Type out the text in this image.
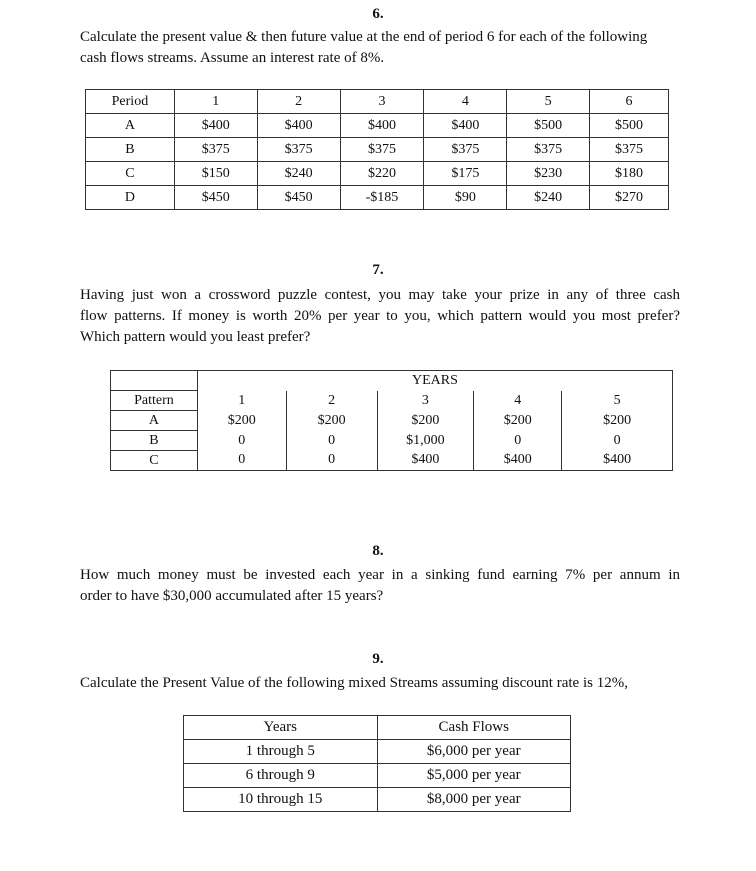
6.
Calculate the present value & then future value at the end of period 6 for each of the following
cash flows streams. Assume an interest rate of 8%.
Period	1	2	3	4	5	6
A	$400	$400	$400	$400	$500	$500
B	$375	$375	$375	$375	$375	$375
C	$150	$240	$220	$175	$230	$180
D	$450	$450	-$185	$90	$240	$270
7.
Having just won a crossword puzzle contest, you may take your prize in any of three cash
flow patterns. If money is worth 20% per year to you, which pattern would you most prefer?
Which pattern would you least prefer?
	YEARS				
Pattern	1	2	3	4	5
A	$200	$200	$200	$200	$200
B	0	0	$1,000	0	0
C	0	0	$400	$400	$400
8.
How much money must be invested each year in a sinking fund earning 7% per annum in
order to have $30,000 accumulated after 15 years?
9.
Calculate the Present Value of the following mixed Streams assuming discount rate is 12%,
Years	Cash Flows
1 through 5	$6,000 per year
6 through 9	$5,000 per year
10 through 15	$8,000 per year
